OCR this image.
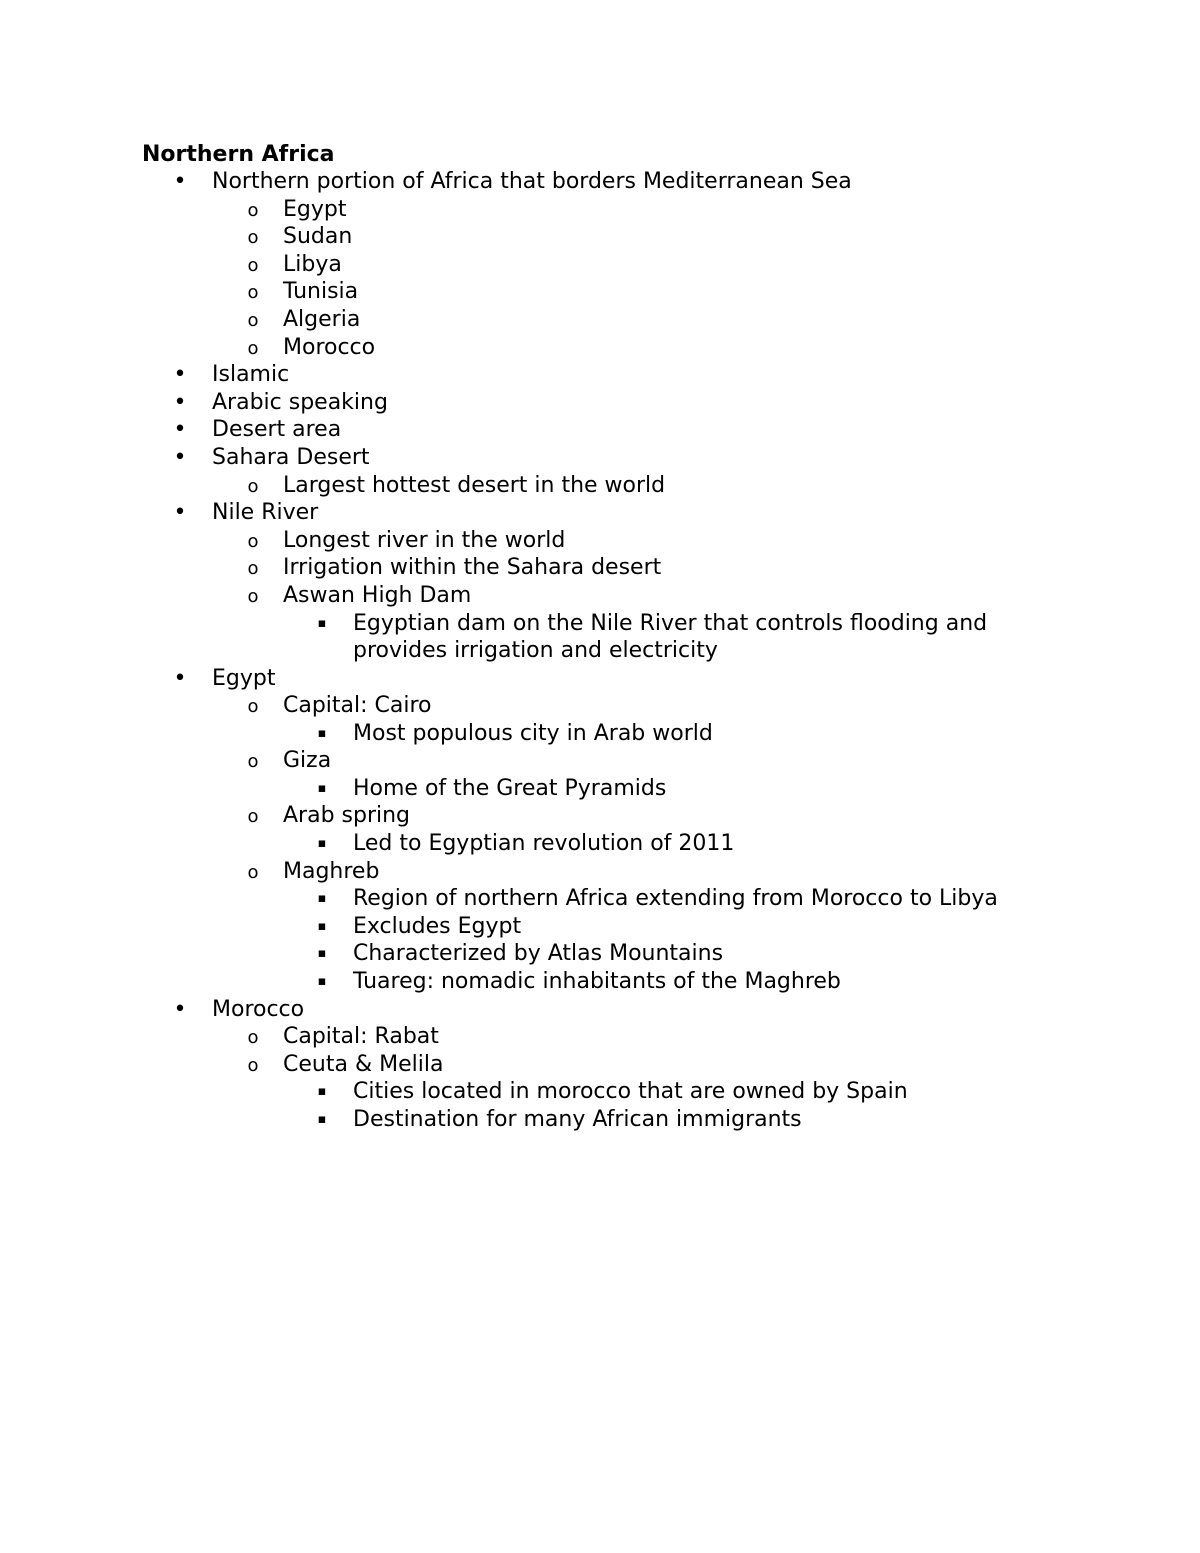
Northern Africa
•	Northern portion of Africa that borders Mediterranean Sea
o	Egypt
o	Sudan
o	Libya
o	Tunisia
o	Algeria
o	Morocco
•	Islamic
•	Arabic speaking
•	Desert area
•	Sahara Desert
o	Largest hottest desert in the world
•	Nile River
o	Longest river in the world
o	Irrigation within the Sahara desert
o	Aswan High Dam
▪	Egyptian dam on the Nile River that controls flooding and provides irrigation and electricity
•	Egypt
o	Capital: Cairo
▪	Most populous city in Arab world
o	Giza
▪	Home of the Great Pyramids
o	Arab spring
▪	Led to Egyptian revolution of 2011
o	Maghreb
▪	Region of northern Africa extending from Morocco to Libya
▪	Excludes Egypt
▪	Characterized by Atlas Mountains
▪	Tuareg: nomadic inhabitants of the Maghreb
•	Morocco
o	Capital: Rabat
o	Ceuta & Melila
▪	Cities located in morocco that are owned by Spain
▪	Destination for many African immigrants
